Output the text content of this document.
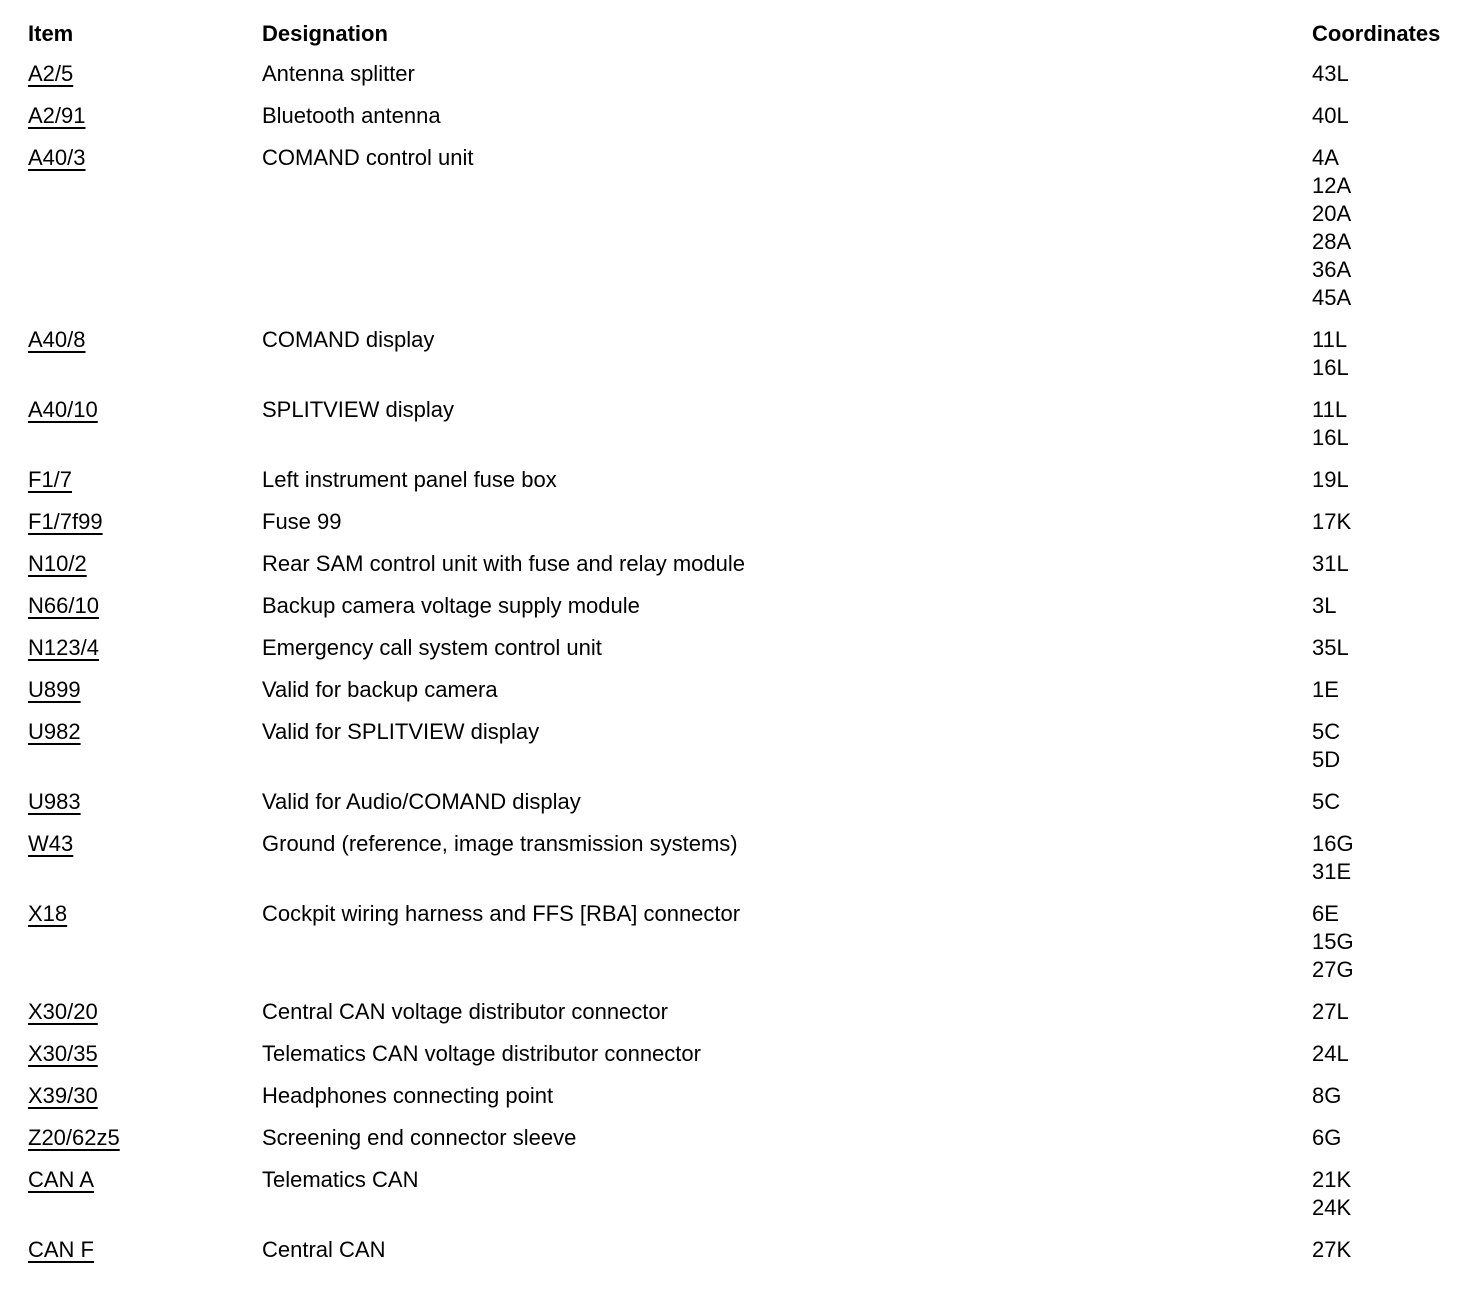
Item	Designation	Coordinates
A2/5	Antenna splitter	43L
A2/91	Bluetooth antenna	40L
A40/3	COMAND control unit	4A
12A
20A
28A
36A
45A
A40/8	COMAND display	11L
16L
A40/10	SPLITVIEW display	11L
16L
F1/7	Left instrument panel fuse box	19L
F1/7f99	Fuse 99	17K
N10/2	Rear SAM control unit with fuse and relay module	31L
N66/10	Backup camera voltage supply module	3L
N123/4	Emergency call system control unit	35L
U899	Valid for backup camera	1E
U982	Valid for SPLITVIEW display	5C
5D
U983	Valid for Audio/COMAND display	5C
W43	Ground (reference, image transmission systems)	16G
31E
X18	Cockpit wiring harness and FFS [RBA] connector	6E
15G
27G
X30/20	Central CAN voltage distributor connector	27L
X30/35	Telematics CAN voltage distributor connector	24L
X39/30	Headphones connecting point	8G
Z20/62z5	Screening end connector sleeve	6G
CAN A	Telematics CAN	21K
24K
CAN F	Central CAN	27K
